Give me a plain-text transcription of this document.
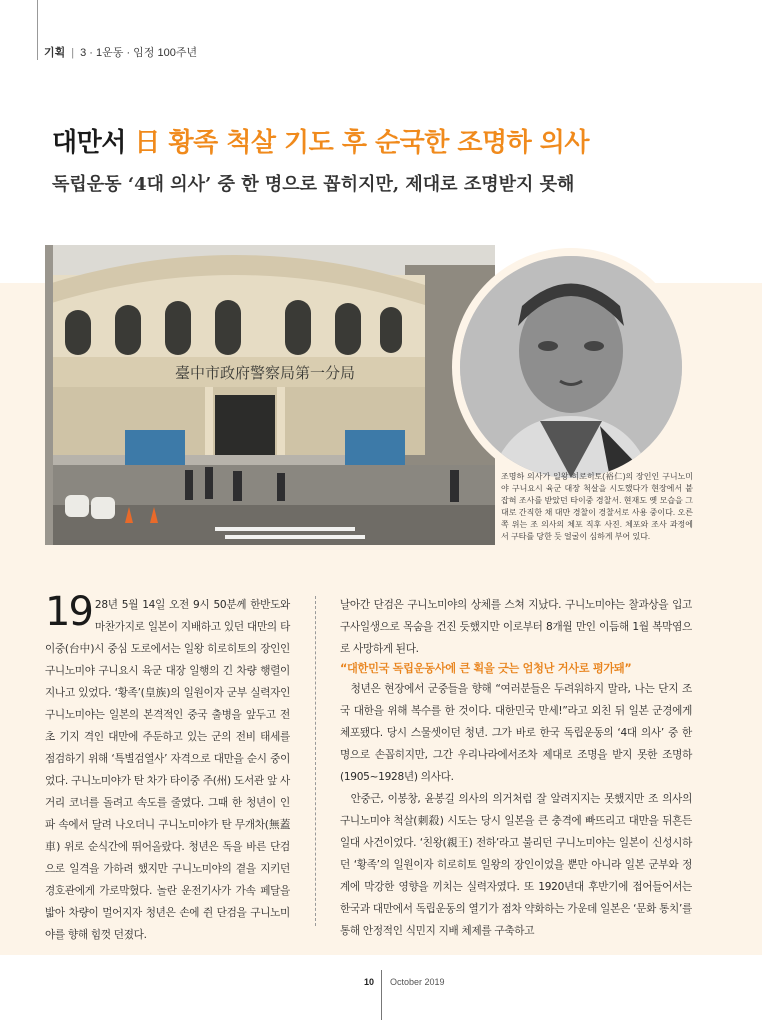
기획 | 3 · 1운동 · 임정 100주년
대만서 日 황족 척살 기도 후 순국한 조명하 의사
독립운동 ‘4대 의사’ 중 한 명으로 꼽히지만, 제대로 조명받지 못해
臺中市政府警察局第一分局

조명하 의사가 일왕 히로히토(裕仁)의 장인인 구니노미야 구니요시 육군 대장 척살을 시도했다가 현장에서 붙잡혀 조사를 받았던 타이중 경찰서. 현재도 옛 모습을 그대로 간직한 채 대만 경찰이 경찰서로 사용 중이다. 오른쪽 위는 조 의사의 체포 직후 사진. 체포와 조사 과정에서 구타를 당한 듯 얼굴이 심하게 부어 있다.

19 28년 5월 14일 오전 9시 50분께 한반도와 마찬가지로 일본이 지배하고 있던 대만의 타이중(台中)시 중심 도로에서는 일왕 히로히토의 장인인 구니노미야 구니요시 육군 대장 일행의 긴 차량 행렬이 지나고 있었다. ‘황족’(皇族)의 일원이자 군부 실력자인 구니노미야는 일본의 본격적인 중국 출병을 앞두고 전초 기지 격인 대만에 주둔하고 있는 군의 전비 태세를 점검하기 위해 ‘특별검열사’ 자격으로 대만을 순시 중이었다. 구니노미야가 탄 차가 타이중 주(州) 도서관 앞 사거리 코너를 돌려고 속도를 줄였다. 그때 한 청년이 인파 속에서 달려 나오더니 구니노미야가 탄 무개차(無蓋車) 위로 순식간에 뛰어올랐다. 청년은 독을 바른 단검으로 일격을 가하려 했지만 구니노미야의 곁을 지키던 경호관에게 가로막혔다. 놀란 운전기사가 가속 페달을 밟아 차량이 멀어지자 청년은 손에 쥔 단검을 구니노미야를 향해 힘껏 던졌다.

날아간 단검은 구니노미야의 상체를 스쳐 지났다. 구니노미야는 찰과상을 입고 구사일생으로 목숨을 건진 듯했지만 이로부터 8개월 만인 이듬해 1월 복막염으로 사망하게 된다.

“대한민국 독립운동사에 큰 획을 긋는 엄청난 거사로 평가돼”

청년은 현장에서 군중들을 향해 “여러분들은 두려워하지 말라, 나는 단지 조국 대한을 위해 복수를 한 것이다. 대한민국 만세!”라고 외친 뒤 일본 군경에게 체포됐다. 당시 스물셋이던 청년. 그가 바로 한국 독립운동의 ‘4대 의사’ 중 한 명으로 손꼽히지만, 그간 우리나라에서조차 제대로 조명을 받지 못한 조명하(1905~1928년) 의사다.

안중근, 이봉창, 윤봉길 의사의 의거처럼 잘 알려지지는 못했지만 조 의사의 구니노미야 척살(刺殺) 시도는 당시 일본을 큰 충격에 빠뜨리고 대만을 뒤흔든 일대 사건이었다. ‘친왕(親王) 전하’라고 불리던 구니노미야는 일본이 신성시하던 ‘황족’의 일원이자 히로히토 일왕의 장인이었을 뿐만 아니라 일본 군부와 정계에 막강한 영향을 끼치는 실력자였다. 또 1920년대 후반기에 접어들어서는 한국과 대만에서 독립운동의 열기가 점차 약화하는 가운데 일본은 ‘문화 통치’를 통해 안정적인 식민지 지배 체제를 구축하고

10 October 2019
